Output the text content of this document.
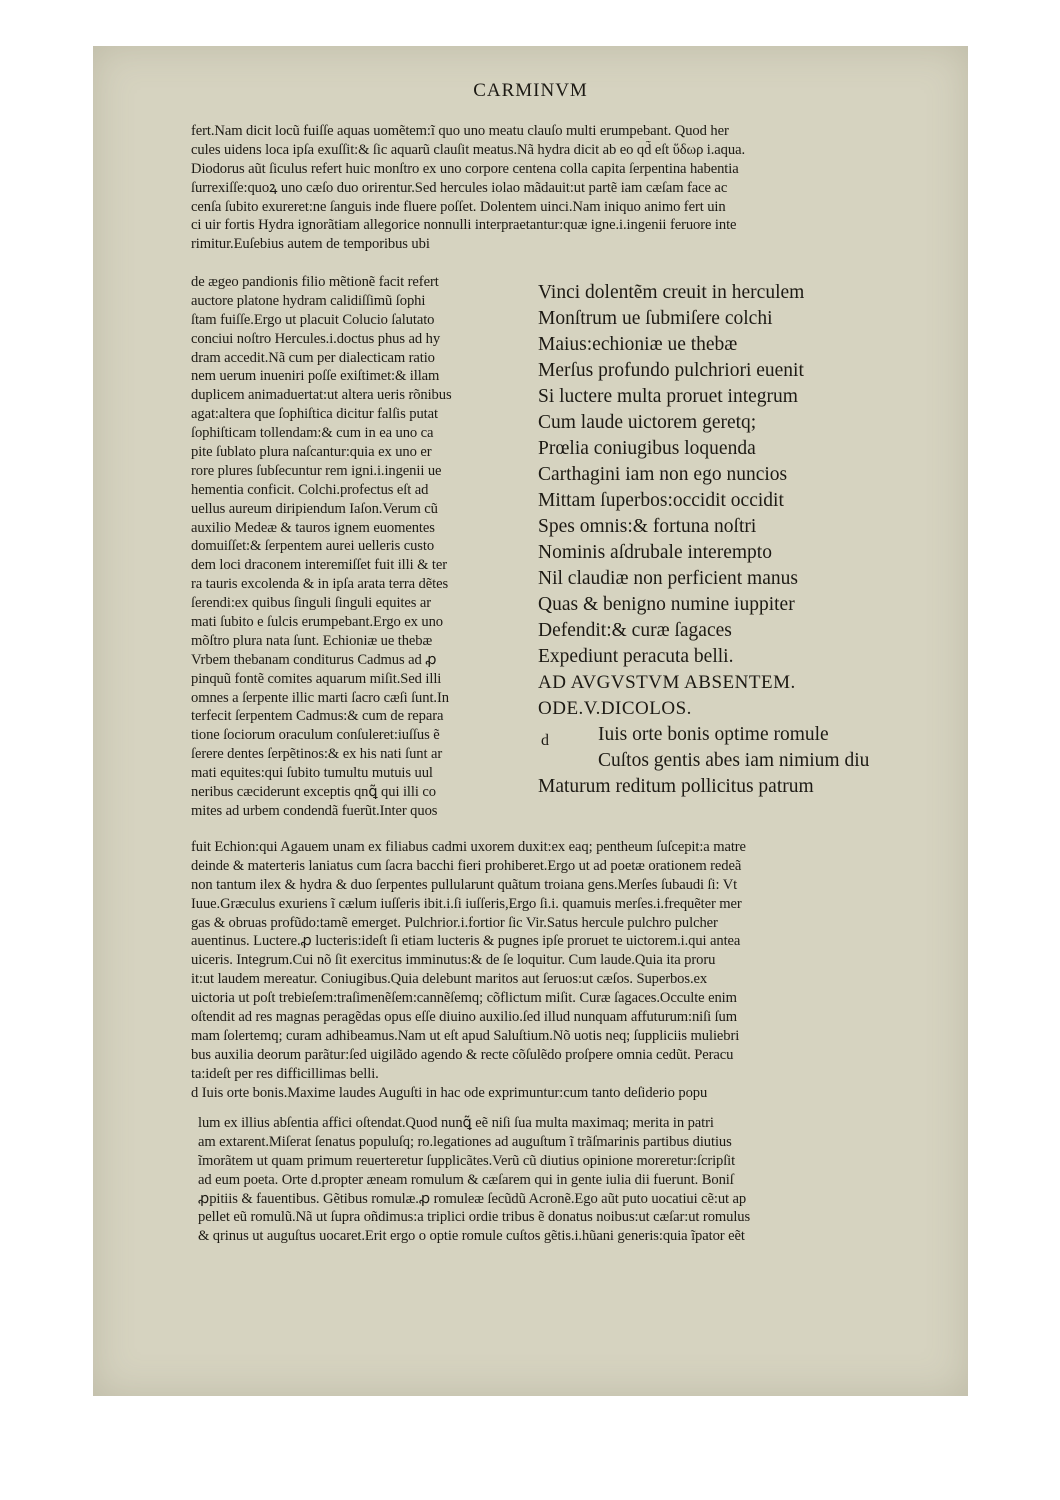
CARMINVM
fert.Nam dicit locũ fuiſſe aquas uomẽtem:ĩ quo uno meatu clauſo multi erumpebant. Quod her
cules uidens loca ipſa exuſſit:& ſic aquarũ clauſit meatus.Nã hydra dicit ab eo qd̃ eſt ὕδωρ i.aqua.
Diodorus aũt ſiculus refert huic monſtro ex uno corpore centena colla capita ſerpentina habentia
ſurrexiſſe:quoꝝ uno cæſo duo orirentur.Sed hercules iolao mãdauit:ut partẽ iam cæſam face ac
cenſa ſubito exureret:ne ſanguis inde fluere poſſet. Dolentem uinci.Nam iniquo animo fert uin
ci uir fortis Hydra ignorãtiam allegorice nonnulli interpraetantur:quæ igne.i.ingenii feruore inte
rimitur.Euſebius autem de temporibus ubi
de ægeo pandionis filio mẽtionẽ facit refert
auctore platone hydram calidiſſimũ ſophi
ſtam fuiſſe.Ergo ut placuit Colucio ſalutato
conciui noſtro Hercules.i.doctus phus ad hy
dram accedit.Nã cum per dialecticam ratio
nem uerum inueniri poſſe exiſtimet:& illam
duplicem animaduertat:ut altera ueris rõnibus
agat:altera que ſophiſtica dicitur falſis putat
ſophiſticam tollendam:& cum in ea uno ca
pite ſublato plura naſcantur:quia ex uno er
rore plures ſubſecuntur rem igni.i.ingenii ue
hementia conficit. Colchi.profectus eſt ad
uellus aureum diripiendum Iaſon.Verum cũ
auxilio Medeæ & tauros ignem euomentes
domuiſſet:& ſerpentem aurei uelleris custo
dem loci draconem interemiſſet fuit illi & ter
ra tauris excolenda & in ipſa arata terra dẽtes
ſerendi:ex quibus ſinguli ſinguli equites ar
mati ſubito e ſulcis erumpebant.Ergo ex uno
mõſtro plura nata ſunt. Echioniæ ue thebæ
Vrbem thebanam conditurus Cadmus ad ꝓ
pinquũ fontẽ comites aquarum miſit.Sed illi
omnes a ſerpente illic marti ſacro cæſi ſunt.In
terfecit ſerpentem Cadmus:& cum de repara
tione ſociorum oraculum conſuleret:iuſſus ẽ
ſerere dentes ſerpẽtinos:& ex his nati ſunt ar
mati equites:qui ſubito tumultu mutuis uul
neribus cæciderunt exceptis qnꝗ̃ qui illi co
mites ad urbem condendã fuerũt.Inter quos
Vinci dolentẽm creuit in herculem
Monſtrum ue ſubmiſere colchi
Maius:echioniæ ue thebæ
Merſus profundo pulchriori euenit
Si luctere multa proruet integrum
Cum laude uictorem geretq;
Prœlia coniugibus loquenda
Carthagini iam non ego nuncios
Mittam ſuperbos:occidit occidit
Spes omnis:& fortuna noſtri
Nominis aſdrubale interempto
Nil claudiæ non perficient manus
Quas & benigno numine iuppiter
Defendit:& curæ ſagaces
Expediunt peracuta belli.
AD AVGVSTVM ABSENTEM.
ODE.V.DICOLOS.
Iuis orte bonis optime romule
Cuſtos gentis abes iam nimium diu
Maturum reditum pollicitus patrum
d
fuit Echion:qui Agauem unam ex filiabus cadmi uxorem duxit:ex eaq; pentheum ſuſcepit:a matre
deinde & materteris laniatus cum ſacra bacchi fieri prohiberet.Ergo ut ad poetæ orationem redeã
non tantum ilex & hydra & duo ſerpentes pullularunt quãtum troiana gens.Merſes ſubaudi ſi: Vt
Iuue.Græculus exuriens ĩ cælum iuſſeris ibit.i.ſi iuſſeris,Ergo ſi.i. quamuis merſes.i.frequẽter mer
gas & obruas profũdo:tamẽ emerget. Pulchrior.i.fortior ſic Vir.Satus hercule pulchro pulcher
auentinus. Luctere.ꝓ lucteris:ideſt ſi etiam lucteris & pugnes ipſe proruet te uictorem.i.qui antea
uiceris. Integrum.Cui nõ ſit exercitus imminutus:& de ſe loquitur. Cum laude.Quia ita proru
it:ut laudem mereatur. Coniugibus.Quia delebunt maritos aut ſeruos:ut cæſos. Superbos.ex
uictoria ut poſt trebieſem:traſimenẽſem:cannẽſemq; cõflictum miſit. Curæ ſagaces.Occulte enim
oſtendit ad res magnas peragẽdas opus eſſe diuino auxilio.ſed illud nunquam affuturum:niſi ſum
mam ſolertemq; curam adhibeamus.Nam ut eſt apud Saluſtium.Nõ uotis neq; ſuppliciis muliebri
bus auxilia deorum parãtur:ſed uigilãdo agendo & recte cõſulẽdo proſpere omnia cedũt. Peracu
ta:ideſt per res difficillimas belli.
d Iuis orte bonis.Maxime laudes Auguſti in hac ode exprimuntur:cum tanto deſiderio popu
lum ex illius abſentia affici oſtendat.Quod nunꝗ̃ eẽ niſi ſua multa maximaq; merita in patri
am extarent.Miſerat ſenatus populuſq; ro.legationes ad auguſtum ĩ trãſmarinis partibus diutius
ĩmorãtem ut quam primum reuerteretur ſupplicãtes.Verũ cũ diutius opinione moreretur:ſcripſit
ad eum poeta. Orte d.propter æneam romulum & cæſarem qui in gente iulia dii fuerunt. Boniſ
ꝓpitiis & fauentibus. Gẽtibus romulæ.ꝓ romuleæ ſecũdũ Acronẽ.Ego aũt puto uocatiui cẽ:ut ap
pellet eũ romulũ.Nã ut ſupra oñdimus:a triplici ordie tribus ẽ donatus noibus:ut cæſar:ut romulus
& qrinus ut auguſtus uocaret.Erit ergo o optie romule cuſtos gẽtis.i.hũani generis:quia ĩpator eẽt
